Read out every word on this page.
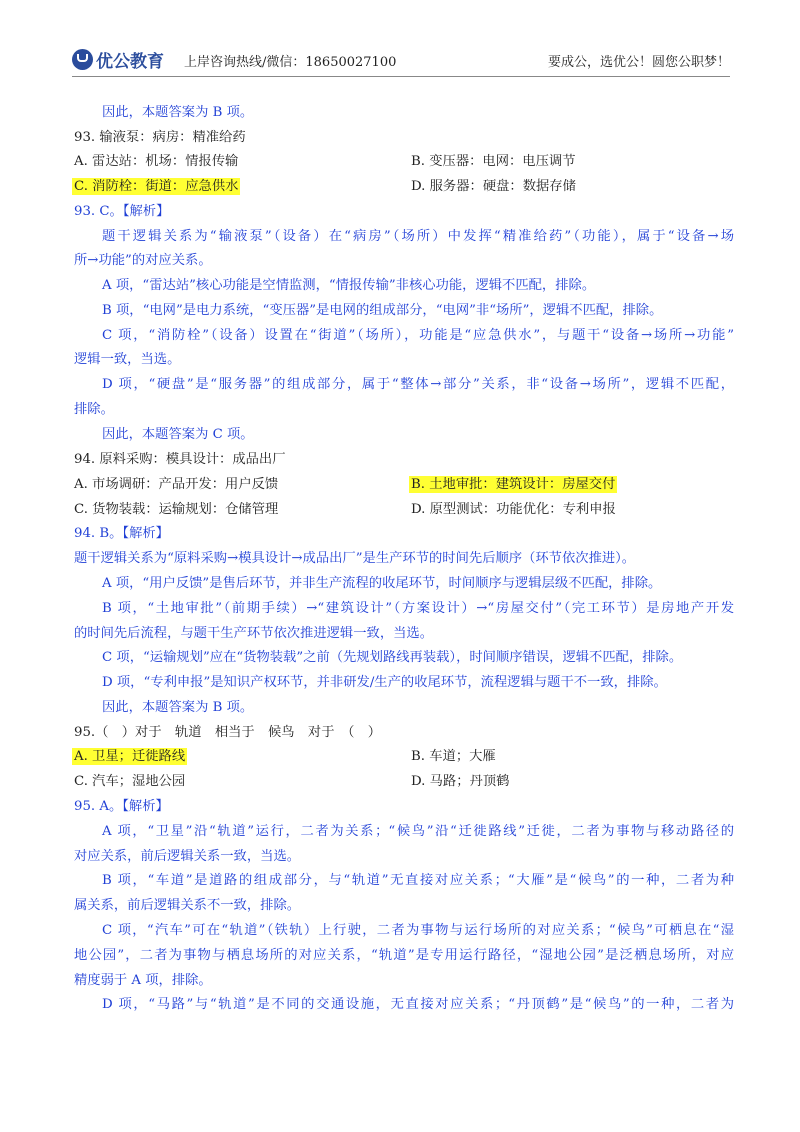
优公教育 上岸咨询热线/微信：18650027100	要成公，选优公！圆您公职梦！
因此，本题答案为 B 项。
93. 输液泵：病房：精准给药
A. 雷达站：机场：情报传输	B. 变压器：电网：电压调节
C. 消防栓：街道：应急供水	D. 服务器：硬盘：数据存储
93. C。【解析】
题干逻辑关系为“输液泵”（设备）在“病房”（场所）中发挥“精准给药”（功能），属于“设备→场
所→功能”的对应关系。
A 项，“雷达站”核心功能是空情监测，“情报传输”非核心功能，逻辑不匹配，排除。
B 项，“电网”是电力系统，“变压器”是电网的组成部分，“电网”非“场所”，逻辑不匹配，排除。
C 项，“消防栓”（设备）设置在“街道”（场所），功能是“应急供水”，与题干“设备→场所→功能”
逻辑一致，当选。
D 项，“硬盘”是“服务器”的组成部分，属于“整体→部分”关系，非“设备→场所”，逻辑不匹配，
排除。
因此，本题答案为 C 项。
94. 原料采购：模具设计：成品出厂
A. 市场调研：产品开发：用户反馈	B. 土地审批：建筑设计：房屋交付
C. 货物装载：运输规划：仓储管理	D. 原型测试：功能优化：专利申报
94. B。【解析】
题干逻辑关系为“原料采购→模具设计→成品出厂”是生产环节的时间先后顺序（环节依次推进）。
A 项，“用户反馈”是售后环节，并非生产流程的收尾环节，时间顺序与逻辑层级不匹配，排除。
B 项，“土地审批”（前期手续）→“建筑设计”（方案设计）→“房屋交付”（完工环节）是房地产开发
的时间先后流程，与题干生产环节依次推进逻辑一致，当选。
C 项，“运输规划”应在“货物装载”之前（先规划路线再装载），时间顺序错误，逻辑不匹配，排除。
D 项，“专利申报”是知识产权环节，并非研发/生产的收尾环节，流程逻辑与题干不一致，排除。
因此，本题答案为 B 项。
95.（　）对于　轨道　相当于　候鸟　对于　（　）
A. 卫星；迁徙路线	B. 车道；大雁
C. 汽车；湿地公园	D. 马路；丹顶鹤
95. A。【解析】
A 项，“卫星”沿“轨道”运行，二者为关系；“候鸟”沿“迁徙路线”迁徙，二者为事物与移动路径的
对应关系，前后逻辑关系一致，当选。
B 项，“车道”是道路的组成部分，与“轨道”无直接对应关系；“大雁”是“候鸟”的一种，二者为种
属关系，前后逻辑关系不一致，排除。
C 项，“汽车”可在“轨道”（铁轨）上行驶，二者为事物与运行场所的对应关系；“候鸟”可栖息在“湿
地公园”，二者为事物与栖息场所的对应关系，“轨道”是专用运行路径，“湿地公园”是泛栖息场所，对应
精度弱于 A 项，排除。
D 项，“马路”与“轨道”是不同的交通设施，无直接对应关系；“丹顶鹤”是“候鸟”的一种，二者为
